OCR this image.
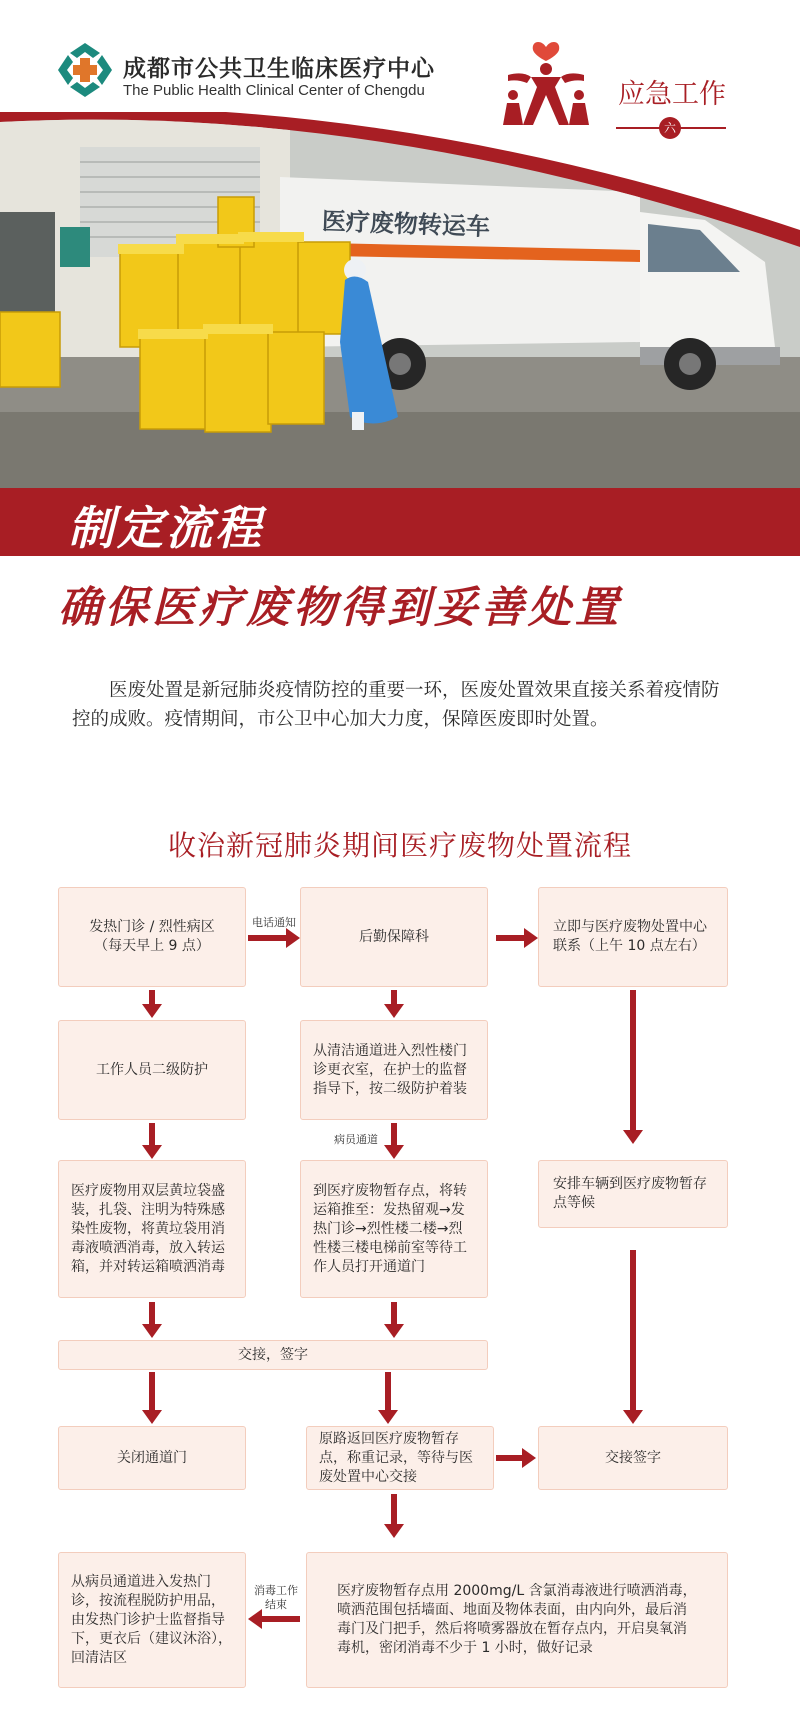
成都市公共卫生临床医疗中心
The Public Health Clinical Center of Chengdu	应急工作
六
医疗废物转运车
制定流程
确保医疗废物得到妥善处置

医废处置是新冠肺炎疫情防控的重要一环，医废处置效果直接关系着疫情防控的成败。疫情期间，市公卫中心加大力度，保障医废即时处置。

收治新冠肺炎期间医疗废物处置流程
发热门诊 / 烈性病区
（每天早上 9 点）
后勤保障科
立即与医疗废物处置中心联系（上午 10 点左右）
电话通知
工作人员二级防护
从清洁通道进入烈性楼门诊更衣室，在护士的监督指导下，按二级防护着装
病员通道
医疗废物用双层黄垃袋盛装，扎袋、注明为特殊感染性废物，将黄垃袋用消毒液喷洒消毒，放入转运箱，并对转运箱喷洒消毒
到医疗废物暂存点，将转运箱推至：发热留观→发热门诊→烈性楼二楼→烈性楼三楼电梯前室等待工作人员打开通道门
安排车辆到医疗废物暂存点等候
交接，签字
关闭通道门
原路返回医疗废物暂存点，称重记录，等待与医废处置中心交接
交接签字
从病员通道进入发热门诊，按流程脱防护用品，由发热门诊护士监督指导下，更衣后（建议沐浴），回清洁区
医疗废物暂存点用 2000mg/L 含氯消毒液进行喷洒消毒，喷洒范围包括墙面、地面及物体表面，由内向外，最后消毒门及门把手，然后将喷雾器放在暂存点内，开启臭氧消毒机，密闭消毒不少于 1 小时，做好记录
消毒工作结束
